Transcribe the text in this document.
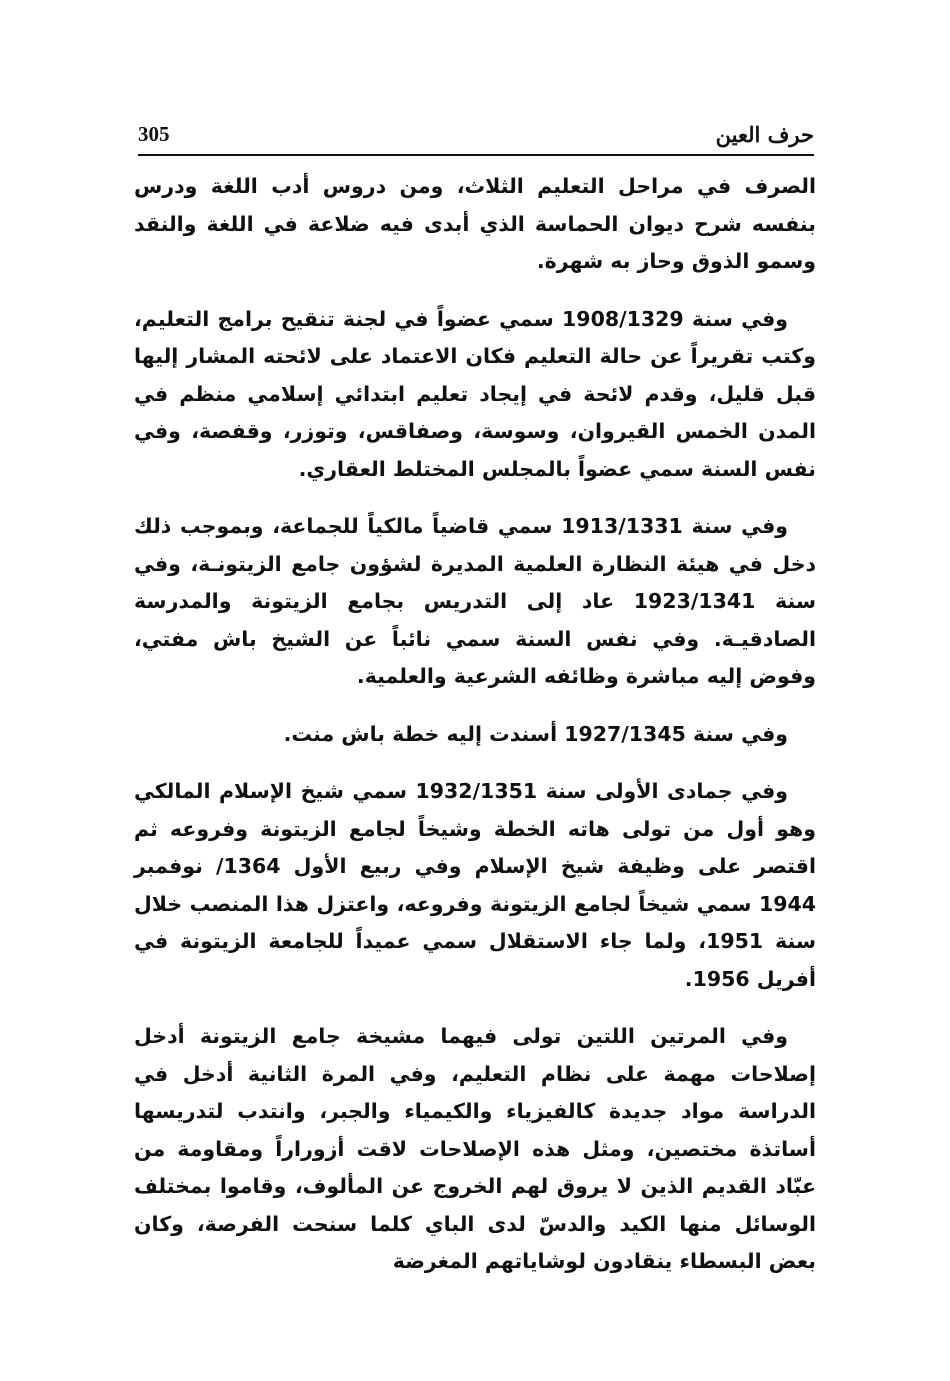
حرف العين
305

الصرف في مراحل التعليم الثلاث، ومن دروس أدب اللغة ودرس بنفسه شرح ديوان الحماسة الذي أبدى فيه ضلاعة في اللغة والنقد وسمو الذوق وحاز به شهرة.

وفي سنة 1908/1329 سمي عضواً في لجنة تنقيح برامج التعليم، وكتب تقريراً عن حالة التعليم فكان الاعتماد على لائحته المشار إليها قبل قليل، وقدم لائحة في إيجاد تعليم ابتدائي إسلامي منظم في المدن الخمس القيروان، وسوسة، وصفاقس، وتوزر، وقفصة، وفي نفس السنة سمي عضواً بالمجلس المختلط العقاري.

وفي سنة 1913/1331 سمي قاضياً مالكياً للجماعة، وبموجب ذلك دخل في هيئة النظارة العلمية المديرة لشؤون جامع الزيتونـة، وفي سنة 1923/1341 عاد إلى التدريس بجامع الزيتونة والمدرسة الصادقيـة. وفي نفس السنة سمي نائباً عن الشيخ باش مفتي، وفوض إليه مباشرة وظائفه الشرعية والعلمية.

وفي سنة 1927/1345 أسندت إليه خطة باش منت.

وفي جمادى الأولى سنة 1932/1351 سمي شيخ الإسلام المالكي وهو أول من تولى هاته الخطة وشيخاً لجامع الزيتونة وفروعه ثم اقتصر على وظيفة شيخ الإسلام وفي ربيع الأول 1364/ نوفمبر 1944 سمي شيخاً لجامع الزيتونة وفروعه، واعتزل هذا المنصب خلال سنة 1951، ولما جاء الاستقلال سمي عميداً للجامعة الزيتونة في أفريل 1956.

وفي المرتين اللتين تولى فيهما مشيخة جامع الزيتونة أدخل إصلاحات مهمة على نظام التعليم، وفي المرة الثانية أدخل في الدراسة مواد جديدة كالفيزياء والكيمياء والجبر، وانتدب لتدريسها أساتذة مختصين، ومثل هذه الإصلاحات لاقت أزوراراً ومقاومة من عبّاد القديم الذين لا يروق لهم الخروج عن المألوف، وقاموا بمختلف الوسائل منها الكيد والدسّ لدى الباي كلما سنحت الفرصة، وكان بعض البسطاء ينقادون لوشاياتهم المغرضة
